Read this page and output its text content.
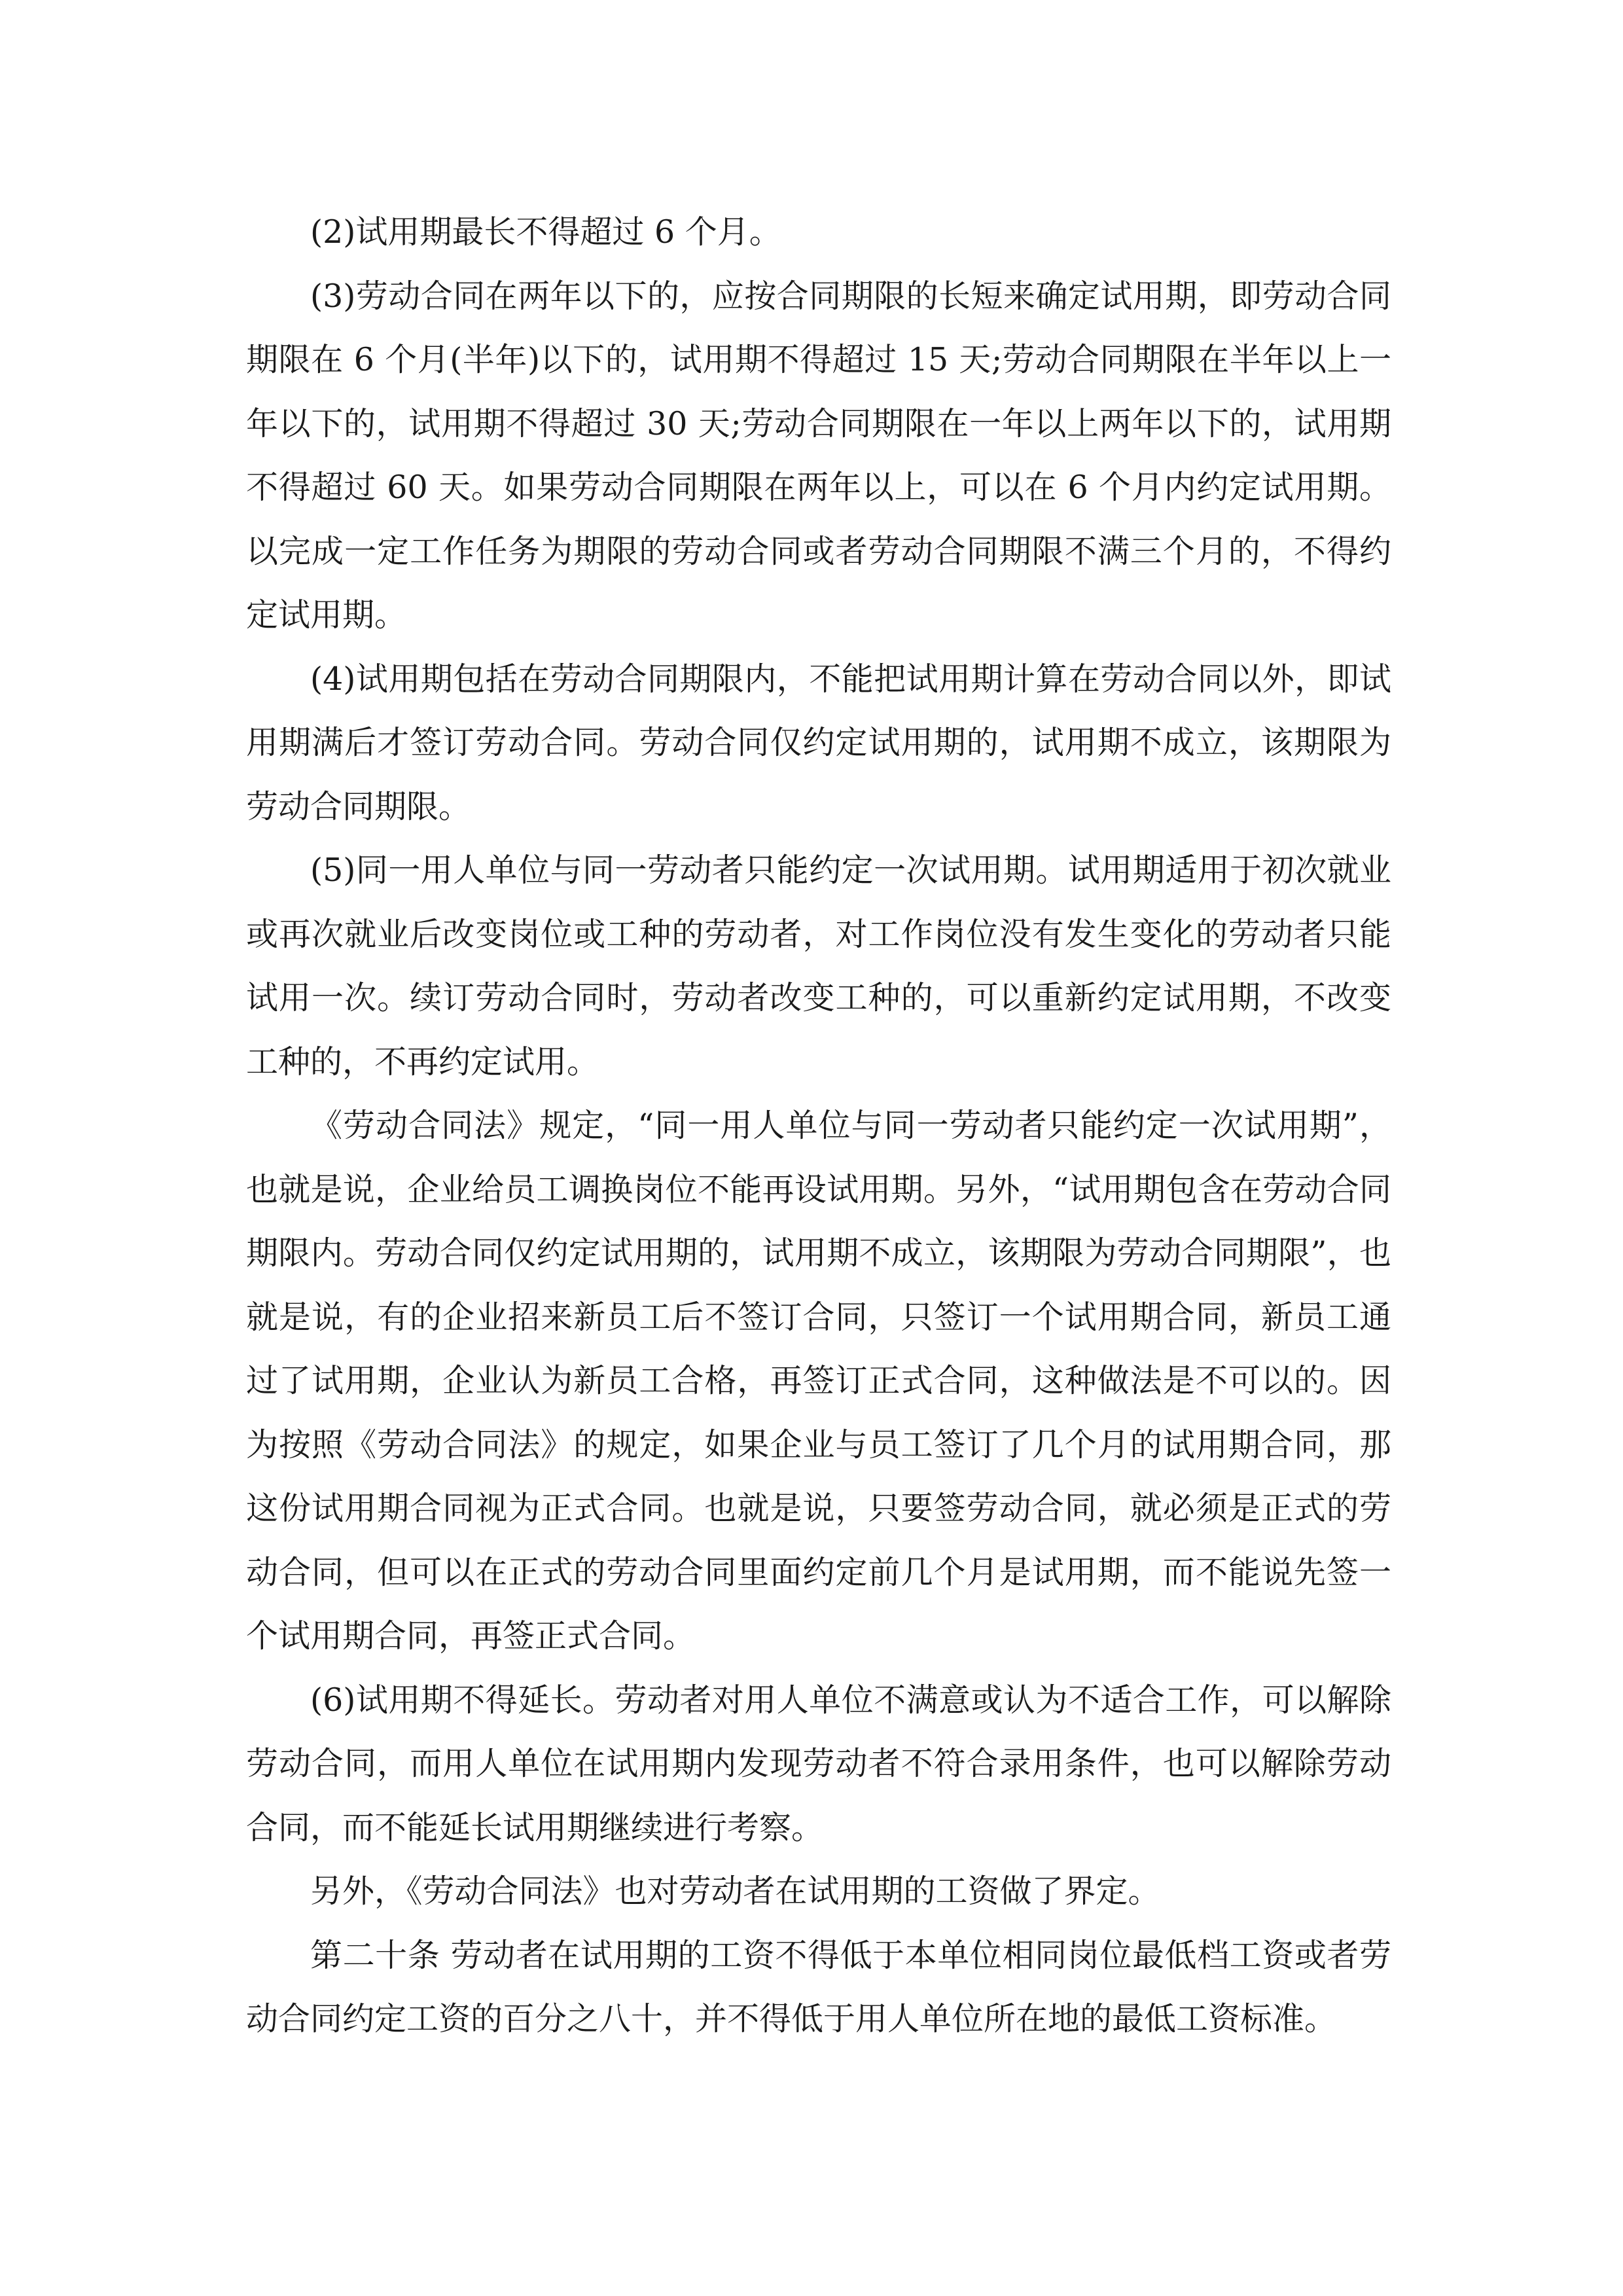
(2)试用期最长不得超过 6 个月。

(3)劳动合同在两年以下的，应按合同期限的长短来确定试用期，即劳动合同期限在 6 个月(半年)以下的，试用期不得超过 15 天;劳动合同期限在半年以上一年以下的，试用期不得超过 30 天;劳动合同期限在一年以上两年以下的，试用期不得超过 60 天。如果劳动合同期限在两年以上，可以在 6 个月内约定试用期。以完成一定工作任务为期限的劳动合同或者劳动合同期限不满三个月的，不得约定试用期。

(4)试用期包括在劳动合同期限内，不能把试用期计算在劳动合同以外，即试用期满后才签订劳动合同。劳动合同仅约定试用期的，试用期不成立，该期限为劳动合同期限。

(5)同一用人单位与同一劳动者只能约定一次试用期。试用期适用于初次就业或再次就业后改变岗位或工种的劳动者，对工作岗位没有发生变化的劳动者只能试用一次。续订劳动合同时，劳动者改变工种的，可以重新约定试用期，不改变工种的，不再约定试用。

《劳动合同法》规定，“同一用人单位与同一劳动者只能约定一次试用期”，也就是说，企业给员工调换岗位不能再设试用期。另外，“试用期包含在劳动合同期限内。劳动合同仅约定试用期的，试用期不成立，该期限为劳动合同期限”，也就是说，有的企业招来新员工后不签订合同，只签订一个试用期合同，新员工通过了试用期，企业认为新员工合格，再签订正式合同，这种做法是不可以的。因为按照《劳动合同法》的规定，如果企业与员工签订了几个月的试用期合同，那这份试用期合同视为正式合同。也就是说，只要签劳动合同，就必须是正式的劳动合同，但可以在正式的劳动合同里面约定前几个月是试用期，而不能说先签一个试用期合同，再签正式合同。

(6)试用期不得延长。劳动者对用人单位不满意或认为不适合工作，可以解除劳动合同，而用人单位在试用期内发现劳动者不符合录用条件，也可以解除劳动合同，而不能延长试用期继续进行考察。

另外，《劳动合同法》也对劳动者在试用期的工资做了界定。

第二十条 劳动者在试用期的工资不得低于本单位相同岗位最低档工资或者劳动合同约定工资的百分之八十，并不得低于用人单位所在地的最低工资标准。
